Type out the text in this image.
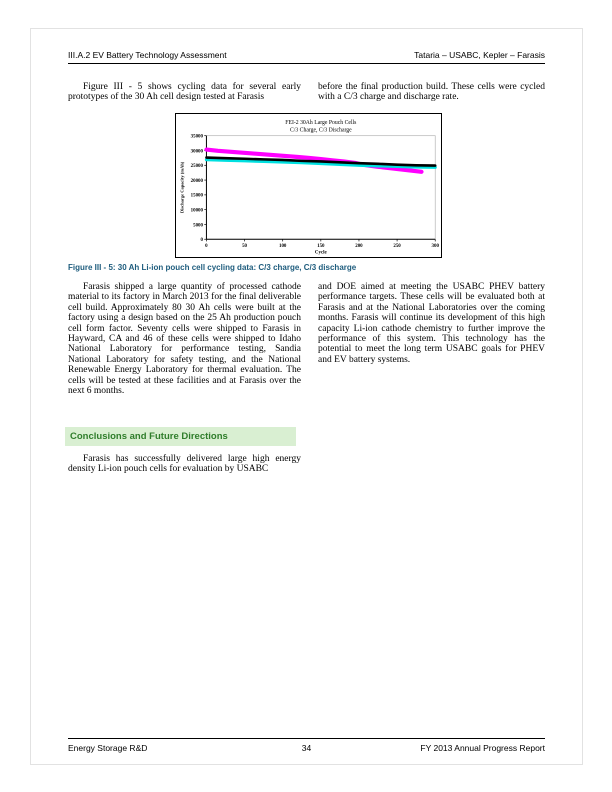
III.A.2 EV Battery Technology Assessment	Tataria – USABC, Kepler – Farasis
Figure III - 5 shows cycling data for several early prototypes of the 30 Ah cell design tested at Farasis
before the final production build. These cells were cycled with a C/3 charge and discharge rate.
FEI-2 30Ah Large Pouch Cells
C/3 Charge, C/3 Discharge
0
5000
10000
15000
20000
25000
30000
35000
0	50	100	150	200	250	300
Discharge Capacity (mAh)
Cycle
Figure III - 5: 30 Ah Li-ion pouch cell cycling data: C/3 charge, C/3 discharge
Farasis shipped a large quantity of processed cathode material to its factory in March 2013 for the final deliverable cell build. Approximately 80 30 Ah cells were built at the factory using a design based on the 25 Ah production pouch cell form factor. Seventy cells were shipped to Farasis in Hayward, CA and 46 of these cells were shipped to Idaho National Laboratory for performance testing, Sandia National Laboratory for safety testing, and the National Renewable Energy Laboratory for thermal evaluation. The cells will be tested at these facilities and at Farasis over the next 6 months.
and DOE aimed at meeting the USABC PHEV battery performance targets. These cells will be evaluated both at Farasis and at the National Laboratories over the coming months. Farasis will continue its development of this high capacity Li-ion cathode chemistry to further improve the performance of this system. This technology has the potential to meet the long term USABC goals for PHEV and EV battery systems.
Conclusions and Future Directions
Farasis has successfully delivered large high energy density Li-ion pouch cells for evaluation by USABC
Energy Storage R&D	34	FY 2013 Annual Progress Report
